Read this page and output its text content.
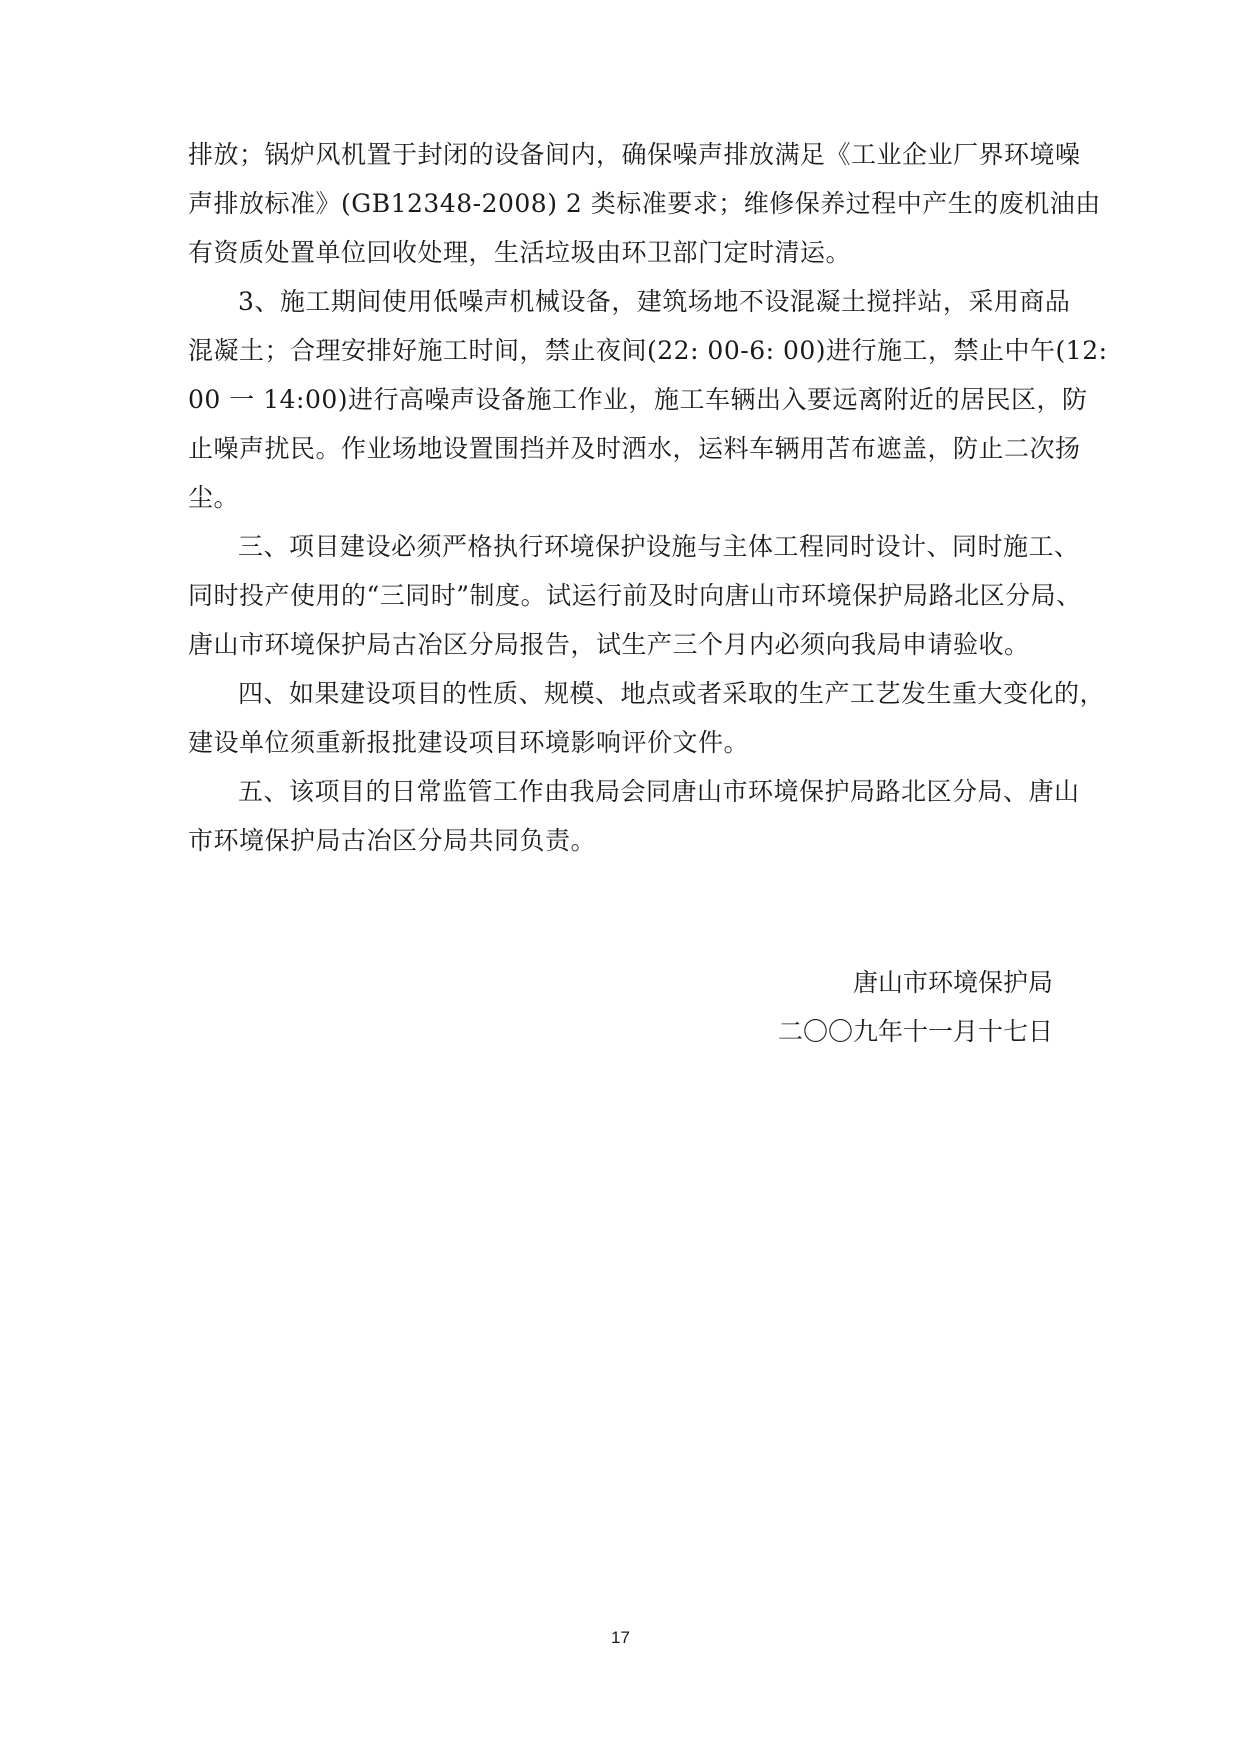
排放；锅炉风机置于封闭的设备间内，确保噪声排放满足《工业企业厂界环境噪
声排放标准》(GB12348-2008) 2 类标准要求；维修保养过程中产生的废机油由
有资质处置单位回收处理，生活垃圾由环卫部门定时清运。
3、施工期间使用低噪声机械设备，建筑场地不设混凝土搅拌站，采用商品
混凝土；合理安排好施工时间，禁止夜间(22: 00-6: 00)进行施工，禁止中午(12:
00 一 14:00)进行高噪声设备施工作业，施工车辆出入要远离附近的居民区，防
止噪声扰民。作业场地设置围挡并及时洒水，运料车辆用苫布遮盖，防止二次扬
尘。
三、项目建设必须严格执行环境保护设施与主体工程同时设计、同时施工、
同时投产使用的“三同时”制度。试运行前及时向唐山市环境保护局路北区分局、
唐山市环境保护局古冶区分局报告，试生产三个月内必须向我局申请验收。
四、如果建设项目的性质、规模、地点或者采取的生产工艺发生重大变化的，
建设单位须重新报批建设项目环境影响评价文件。
五、该项目的日常监管工作由我局会同唐山市环境保护局路北区分局、唐山
市环境保护局古冶区分局共同负责。
唐山市环境保护局
二〇〇九年十一月十七日
17
